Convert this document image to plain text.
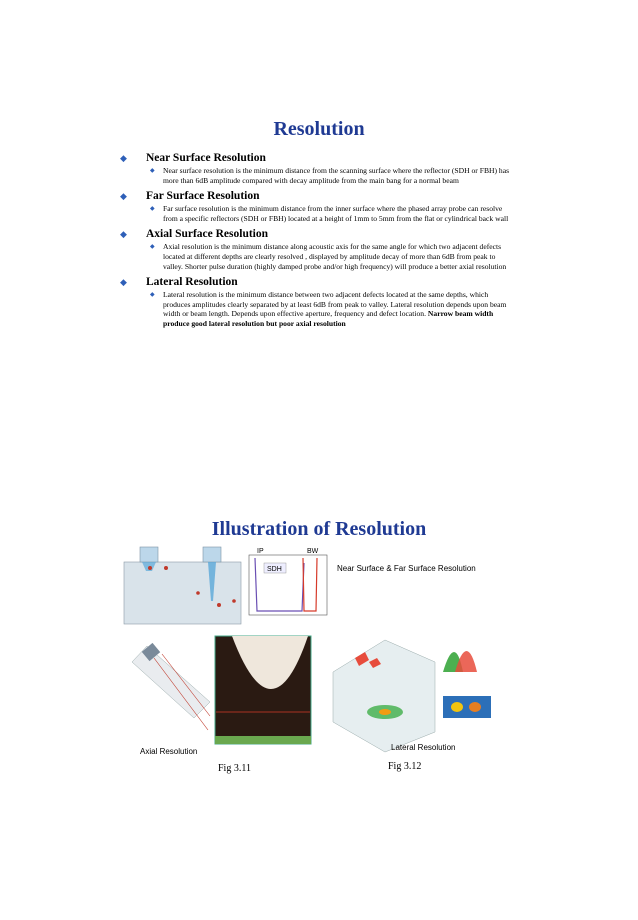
Resolution
◆	Near Surface Resolution
◆	Near surface resolution is the minimum distance from the scanning surface where the reflector (SDH or FBH) has more than 6dB amplitude compared with decay amplitude from the main bang for a normal beam
◆	Far Surface Resolution
◆	Far surface resolution is the minimum distance from the inner surface where the phased array probe can resolve from a specific reflectors (SDH or FBH) located at a height of 1mm to 5mm from the flat or cylindrical back wall
◆	Axial Surface Resolution
◆	Axial resolution is the minimum distance along acoustic axis for the same angle for which two adjacent defects located at different depths are clearly resolved , displayed by amplitude decay of more than 6dB from peak to valley. Shorter pulse duration (highly damped probe and/or high frequency) will produce a better axial resolution
◆	Lateral Resolution
◆	Lateral resolution is the minimum distance between two adjacent defects located at the same depths, which produces amplitudes clearly separated by at least 6dB from peak to valley. Lateral resolution depends upon beam width or beam length. Depends upon effective aperture, frequency and defect location. Narrow beam width produce good lateral resolution but poor axial resolution
Illustration of Resolution
SDH
IP	BW
Near Surface & Far Surface Resolution
Axial Resolution	Lateral Resolution
Fig 3.11	Fig 3.12
